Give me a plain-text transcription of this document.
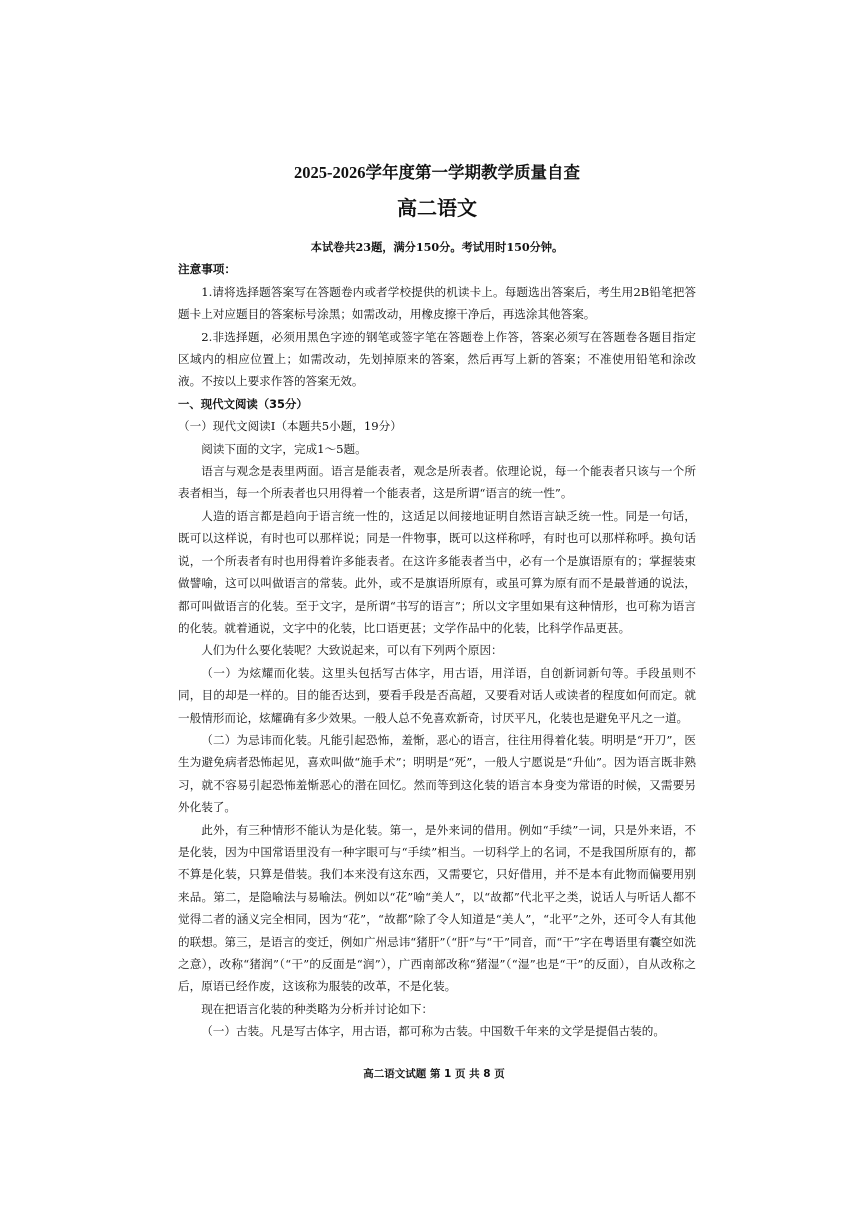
2025-2026学年度第一学期教学质量自查
高二语文
本试卷共23题，满分150分。考试用时150分钟。
注意事项：

1.请将选择题答案写在答题卷内或者学校提供的机读卡上。每题选出答案后，考生用2B铅笔把答题卡上对应题目的答案标号涂黑；如需改动，用橡皮擦干净后，再选涂其他答案。

2.非选择题，必须用黑色字迹的钢笔或签字笔在答题卷上作答，答案必须写在答题卷各题目指定区域内的相应位置上；如需改动，先划掉原来的答案，然后再写上新的答案；不准使用铅笔和涂改液。不按以上要求作答的答案无效。

一、现代文阅读（35分）
（一）现代文阅读Ⅰ（本题共5小题，19分）

阅读下面的文字，完成1～5题。

语言与观念是表里两面。语言是能表者，观念是所表者。依理论说，每一个能表者只该与一个所表者相当，每一个所表者也只用得着一个能表者，这是所谓“语言的统一性”。

人造的语言都是趋向于语言统一性的，这适足以间接地证明自然语言缺乏统一性。同是一句话，既可以这样说，有时也可以那样说；同是一件物事，既可以这样称呼，有时也可以那样称呼。换句话说，一个所表者有时也用得着许多能表者。在这许多能表者当中，必有一个是旗语原有的；掌握装束做譬喻，这可以叫做语言的常装。此外，或不是旗语所原有，或虽可算为原有而不是最普通的说法，都可叫做语言的化装。至于文字，是所谓“书写的语言”；所以文字里如果有这种情形，也可称为语言的化装。就着通说，文字中的化装，比口语更甚；文学作品中的化装，比科学作品更甚。

人们为什么要化装呢？大致说起来，可以有下列两个原因：

（一）为炫耀而化装。这里头包括写古体字，用古语，用洋语，自创新词新句等。手段虽则不同，目的却是一样的。目的能否达到，要看手段是否高超，又要看对话人或读者的程度如何而定。就一般情形而论，炫耀确有多少效果。一般人总不免喜欢新奇，讨厌平凡，化装也是避免平凡之一道。

（二）为忌讳而化装。凡能引起恐怖，羞惭，恶心的语言，往往用得着化装。明明是“开刀”，医生为避免病者恐怖起见，喜欢叫做“施手术”；明明是“死”，一般人宁愿说是“升仙”。因为语言既非熟习，就不容易引起恐怖羞惭恶心的潜在回忆。然而等到这化装的语言本身变为常语的时候，又需要另外化装了。

此外，有三种情形不能认为是化装。第一，是外来词的借用。例如“手续”一词，只是外来语，不是化装，因为中国常语里没有一种字眼可与“手续”相当。一切科学上的名词，不是我国所原有的，都不算是化装，只算是借装。我们本来没有这东西，又需要它，只好借用，并不是本有此物而偏要用别来品。第二，是隐喻法与易喻法。例如以“花”喻“美人”，以“故都”代北平之类，说话人与听话人都不觉得二者的涵义完全相同，因为“花”，“故都”除了令人知道是“美人”，“北平”之外，还可令人有其他的联想。第三，是语言的变迁，例如广州忌讳“猪肝”（“肝”与“干”同音，而“干”字在粤语里有囊空如洗之意），改称“猪润”（“干”的反面是“润”），广西南部改称“猪湿”（“湿”也是“干”的反面），自从改称之后，原语已经作废，这该称为服装的改革，不是化装。

现在把语言化装的种类略为分析并讨论如下：

（一）古装。凡是写古体字，用古语，都可称为古装。中国数千年来的文学是提倡古装的。

高二语文试题 第 1 页 共 8 页
